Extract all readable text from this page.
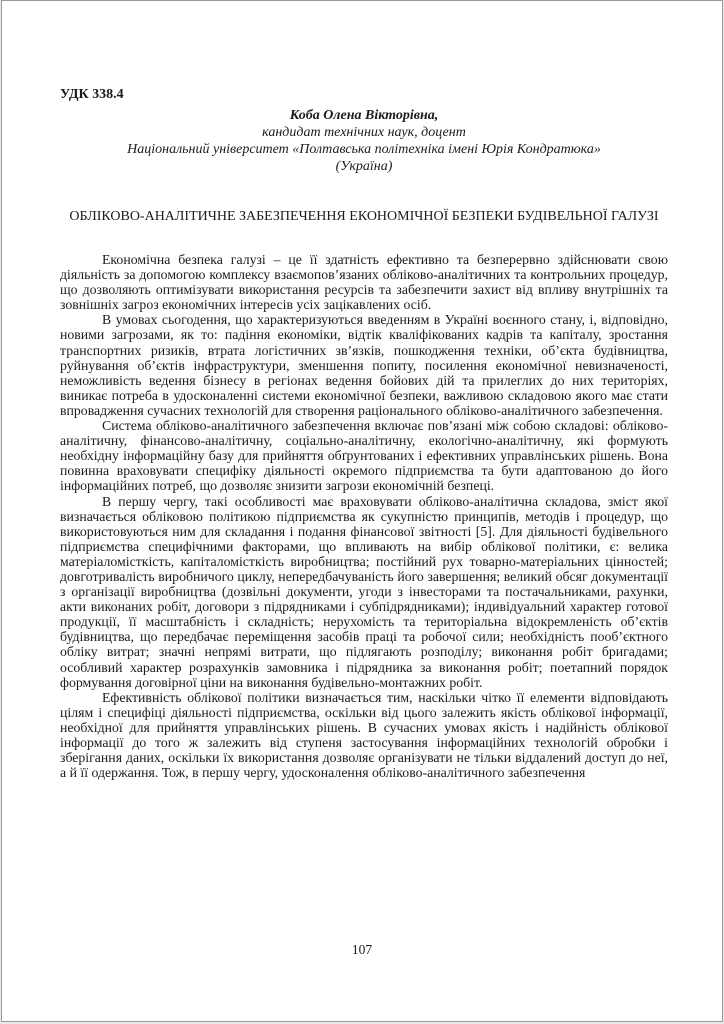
УДК 338.4
Коба Олена Вікторівна,
кандидат технічних наук, доцент
Національний університет «Полтавська політехніка імені Юрія Кондратюка»
(Україна)
ОБЛІКОВО-АНАЛІТИЧНЕ ЗАБЕЗПЕЧЕННЯ ЕКОНОМІЧНОЇ БЕЗПЕКИ БУДІВЕЛЬНОЇ ГАЛУЗІ

Економічна безпека галузі – це її здатність ефективно та безперервно здійснювати свою діяльність за допомогою комплексу взаємопов’язаних обліково-аналітичних та контрольних процедур, що дозволяють оптимізувати використання ресурсів та забезпечити захист від впливу внутрішніх та зовнішніх загроз економічних інтересів усіх зацікавлених осіб.

В умовах сьогодення, що характеризуються введенням в Україні воєнного стану, і, відповідно, новими загрозами, як то: падіння економіки, відтік кваліфікованих кадрів та капіталу, зростання транспортних ризиків, втрата логістичних зв’язків, пошкодження техніки, об’єкта будівництва, руйнування об’єктів інфраструктури, зменшення попиту, посилення економічної невизначеності, неможливість ведення бізнесу в регіонах ведення бойових дій та прилеглих до них територіях, виникає потреба в удосконаленні системи економічної безпеки, важливою складовою якого має стати впровадження сучасних технологій для створення раціонального обліково-аналітичного забезпечення.

Система обліково-аналітичного забезпечення включає пов’язані між собою складові: обліково-аналітичну, фінансово-аналітичну, соціально-аналітичну, екологічно-аналітичну, які формують необхідну інформаційну базу для прийняття обґрунтованих і ефективних управлінських рішень. Вона повинна враховувати специфіку діяльності окремого підприємства та бути адаптованою до його інформаційних потреб, що дозволяє знизити загрози економічній безпеці.

В першу чергу, такі особливості має враховувати обліково-аналітична складова, зміст якої визначається обліковою політикою підприємства як сукупністю принципів, методів і процедур, що використовуються ним для складання і подання фінансової звітності [5]. Для діяльності будівельного підприємства специфічними факторами, що впливають на вибір облікової політики, є: велика матеріаломісткість, капіталомісткість виробництва; постійний рух товарно-матеріальних цінностей; довготривалість виробничого циклу, непередбачуваність його завершення; великий обсяг документації з організації виробництва (дозвільні документи, угоди з інвесторами та постачальниками, рахунки, акти виконаних робіт, договори з підрядниками і субпідрядниками); індивідуальний характер готової продукції, її масштабність і складність; нерухомість та територіальна відокремленість об’єктів будівництва, що передбачає переміщення засобів праці та робочої сили; необхідність пооб’єктного обліку витрат; значні непрямі витрати, що підлягають розподілу; виконання робіт бригадами; особливий характер розрахунків замовника і підрядника за виконання робіт; поетапний порядок формування договірної ціни на виконання будівельно-монтажних робіт.

Ефективність облікової політики визначається тим, наскільки чітко її елементи відповідають цілям і специфіці діяльності підприємства, оскільки від цього залежить якість облікової інформації, необхідної для прийняття управлінських рішень. В сучасних умовах якість і надійність облікової інформації до того ж залежить від ступеня застосування інформаційних технологій обробки і зберігання даних, оскільки їх використання дозволяє організувати не тільки віддалений доступ до неї, а й її одержання. Тож, в першу чергу, удосконалення обліково-аналітичного забезпечення

107
